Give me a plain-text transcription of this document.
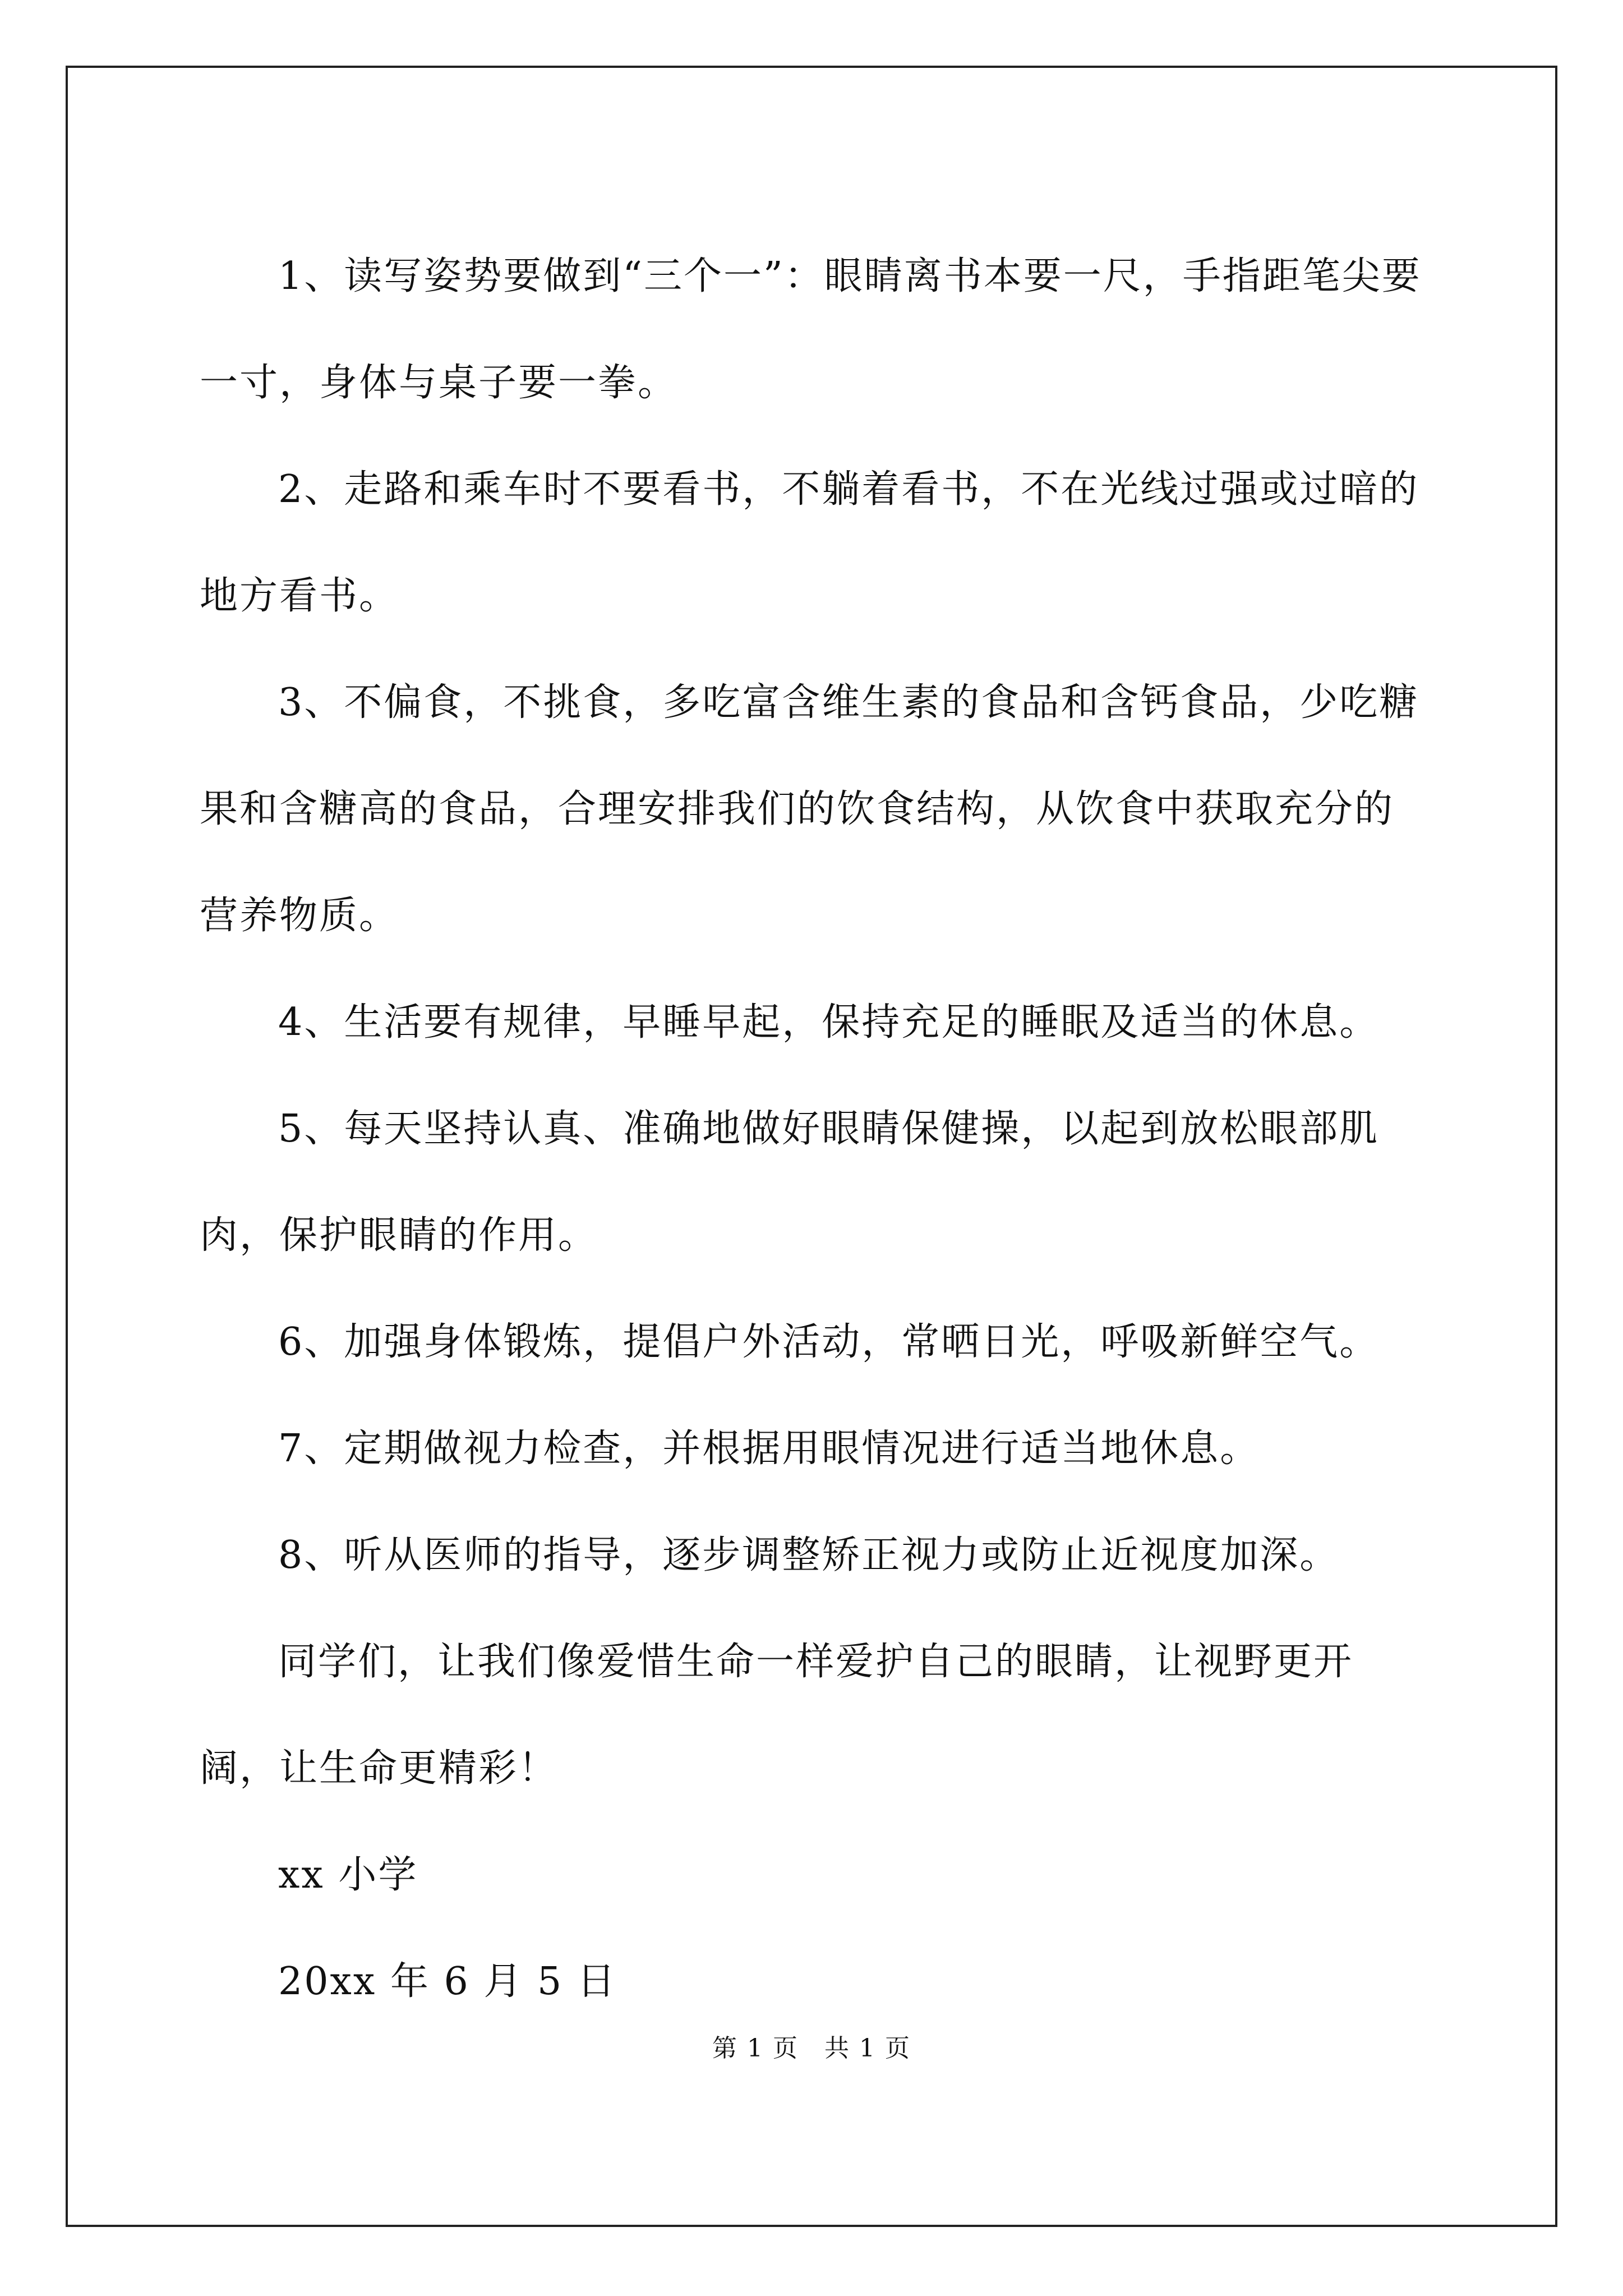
1、读写姿势要做到“三个一”：眼睛离书本要一尺，手指距笔尖要一寸，身体与桌子要一拳。

2、走路和乘车时不要看书，不躺着看书，不在光线过强或过暗的地方看书。

3、不偏食，不挑食，多吃富含维生素的食品和含钙食品，少吃糖果和含糖高的食品，合理安排我们的饮食结构，从饮食中获取充分的营养物质。

4、生活要有规律，早睡早起，保持充足的睡眠及适当的休息。

5、每天坚持认真、准确地做好眼睛保健操，以起到放松眼部肌肉，保护眼睛的作用。

6、加强身体锻炼，提倡户外活动，常晒日光，呼吸新鲜空气。

7、定期做视力检查，并根据用眼情况进行适当地休息。

8、听从医师的指导，逐步调整矫正视力或防止近视度加深。

同学们，让我们像爱惜生命一样爱护自己的眼睛，让视野更开阔，让生命更精彩！

xx 小学

20xx 年 6 月 5 日

第 1 页　共 1 页
